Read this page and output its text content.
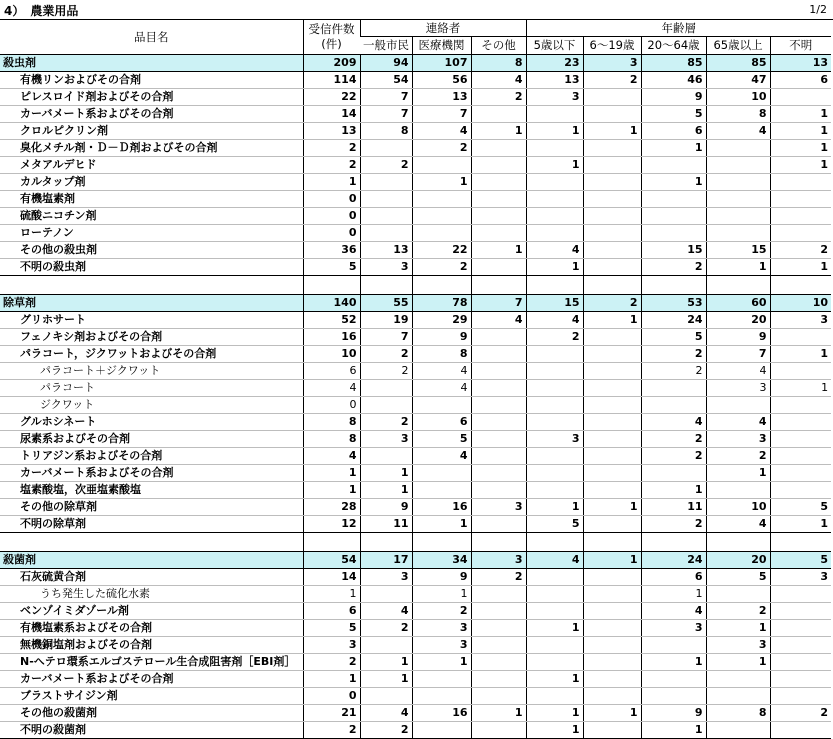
4）　農業用品	1/2
品目名	受信件数
(件)	連絡者			年齢層				
		一般市民	医療機関	その他	5歳以下	6～19歳	20～64歳	65歳以上	不明
殺虫剤	209	94	107	8	23	3	85	85	13
有機リンおよびその合剤	114	54	56	4	13	2	46	47	6
ピレスロイド剤およびその合剤	22	7	13	2	3		9	10	
カーバメート系およびその合剤	14	7	7				5	8	1
クロルピクリン剤	13	8	4	1	1	1	6	4	1
臭化メチル剤・Ｄ－Ｄ剤およびその合剤	2		2				1		1
メタアルデヒド	2	2			1				1
カルタップ剤	1		1				1		
有機塩素剤	0								
硫酸ニコチン剤	0								
ローテノン	0								
その他の殺虫剤	36	13	22	1	4		15	15	2
不明の殺虫剤	5	3	2		1		2	1	1

除草剤	140	55	78	7	15	2	53	60	10
グリホサート	52	19	29	4	4	1	24	20	3
フェノキシ剤およびその合剤	16	7	9		2		5	9	
パラコート，ジクワットおよびその合剤	10	2	8				2	7	1
パラコート＋ジクワット	6	2	4				2	4	
パラコート	4		4					3	1
ジクワット	0								
グルホシネート	8	2	6				4	4	
尿素系およびその合剤	8	3	5		3		2	3	
トリアジン系およびその合剤	4		4				2	2	
カーバメート系およびその合剤	1	1						1	
塩素酸塩，次亜塩素酸塩	1	1					1		
その他の除草剤	28	9	16	3	1	1	11	10	5
不明の除草剤	12	11	1		5		2	4	1

殺菌剤	54	17	34	3	4	1	24	20	5
石灰硫黄合剤	14	3	9	2			6	5	3
うち発生した硫化水素	1		1				1		
ベンゾイミダゾール剤	6	4	2				4	2	
有機塩素系およびその合剤	5	2	3		1		3	1	
無機銅塩剤およびその合剤	3		3					3	
N-ヘテロ環系エルゴステロール生合成阻害剤［EBI剤］	2	1	1				1	1	
カーバメート系およびその合剤	1	1			1				
ブラストサイジン剤	0								
その他の殺菌剤	21	4	16	1	1	1	9	8	2
不明の殺菌剤	2	2			1		1		
